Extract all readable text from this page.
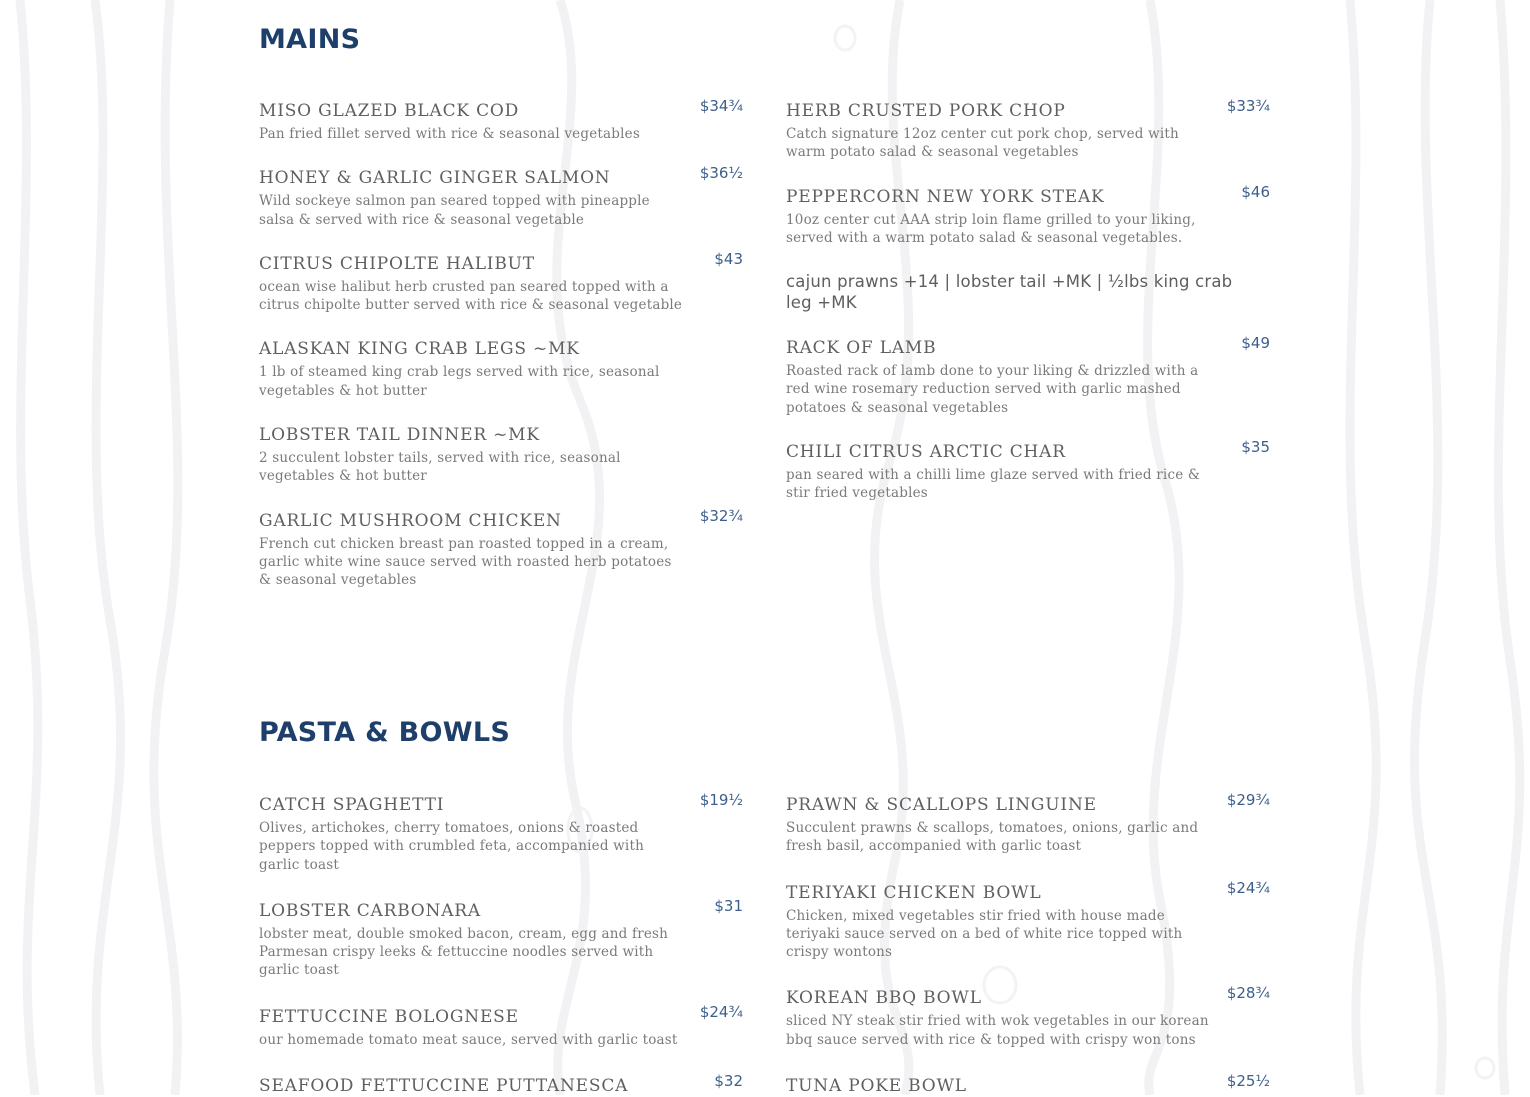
MAINS
MISO GLAZED BLACK COD	$34¾
Pan fried fillet served with rice & seasonal vegetables
HONEY & GARLIC GINGER SALMON	$36½
Wild sockeye salmon pan seared topped with pineapple salsa & served with rice & seasonal vegetable
CITRUS CHIPOLTE HALIBUT	$43
ocean wise halibut herb crusted pan seared topped with a citrus chipolte butter served with rice & seasonal vegetable
ALASKAN KING CRAB LEGS ~MK
1 lb of steamed king crab legs served with rice, seasonal vegetables & hot butter
LOBSTER TAIL DINNER ~MK
2 succulent lobster tails, served with rice, seasonal vegetables & hot butter
GARLIC MUSHROOM CHICKEN	$32¾
French cut chicken breast pan roasted topped in a cream, garlic white wine sauce served with roasted herb potatoes & seasonal vegetables
HERB CRUSTED PORK CHOP	$33¾
Catch signature 12oz center cut pork chop, served with warm potato salad & seasonal vegetables
PEPPERCORN NEW YORK STEAK	$46
10oz center cut AAA strip loin flame grilled to your liking, served with a warm potato salad & seasonal vegetables.
cajun prawns +14 | lobster tail +MK | ½lbs king crab leg +MK
RACK OF LAMB	$49
Roasted rack of lamb done to your liking & drizzled with a red wine rosemary reduction served with garlic mashed potatoes & seasonal vegetables
CHILI CITRUS ARCTIC CHAR	$35
pan seared with a chilli lime glaze served with fried rice & stir fried vegetables
PASTA & BOWLS
CATCH SPAGHETTI	$19½
Olives, artichokes, cherry tomatoes, onions & roasted peppers topped with crumbled feta, accompanied with garlic toast
LOBSTER CARBONARA	$31
lobster meat, double smoked bacon, cream, egg and fresh Parmesan crispy leeks & fettuccine noodles served with garlic toast
FETTUCCINE BOLOGNESE	$24¾
our homemade tomato meat sauce, served with garlic toast
SEAFOOD FETTUCCINE PUTTANESCA	$32
PRAWN & SCALLOPS LINGUINE	$29¾
Succulent prawns & scallops, tomatoes, onions, garlic and fresh basil, accompanied with garlic toast
TERIYAKI CHICKEN BOWL	$24¾
Chicken, mixed vegetables stir fried with house made teriyaki sauce served on a bed of white rice topped with crispy wontons
KOREAN BBQ BOWL	$28¾
sliced NY steak stir fried with wok vegetables in our korean bbq sauce served with rice & topped with crispy won tons
TUNA POKE BOWL	$25½
